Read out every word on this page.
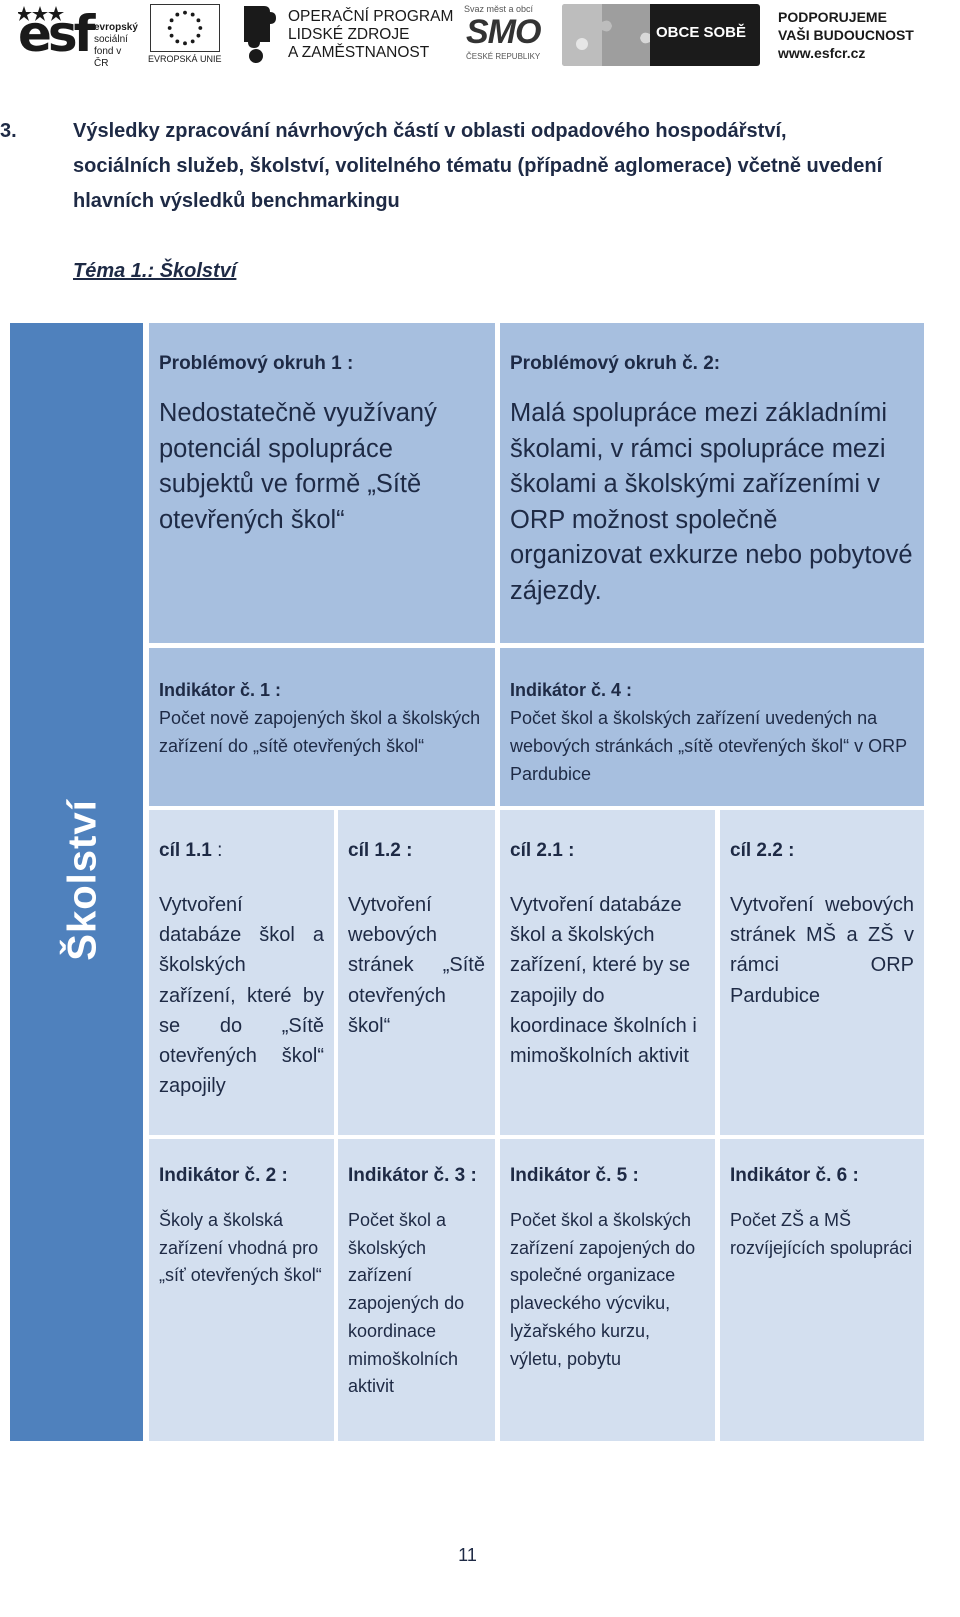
esf evropský
sociální
fond v ČR	EVROPSKÁ UNIE
OPERAČNÍ PROGRAM
LIDSKÉ ZDROJE
A ZAMĚSTNANOST
Svaz měst a obcí
SMO
ČESKÉ REPUBLIKY
OBCE SOBĚ
PODPORUJEME
VAŠI BUDOUCNOST
www.esfcr.cz
3.	Výsledky zpracování návrhových částí v oblasti odpadového hospodářství, sociálních služeb, školství, volitelného tématu (případně aglomerace) včetně uvedení hlavních výsledků benchmarkingu
Téma 1.: Školství
Školství
Problémový okruh 1 :
Nedostatečně využívaný potenciál spolupráce subjektů ve formě „Sítě otevřených škol“
Problémový okruh č. 2:
Malá spolupráce mezi základními školami, v rámci spolupráce mezi školami a školskými zařízeními v ORP možnost společně organizovat exkurze nebo pobytové zájezdy.
Indikátor č. 1 :
Počet nově zapojených škol a školských zařízení do „sítě otevřených škol“
Indikátor č. 4 :
Počet škol a školských zařízení uvedených na webových stránkách „sítě otevřených škol“ v ORP Pardubice
cíl 1.1 :
Vytvoření databáze škol a školských zařízení, které by se do „Sítě otevřených škol“ zapojily
cíl 1.2 :
Vytvoření webových stránek „Sítě otevřených škol“
cíl 2.1 :
Vytvoření databáze škol a školských zařízení, které by se zapojily do koordinace školních i mimoškolních aktivit
cíl 2.2 :
Vytvoření webových stránek MŠ a ZŠ v rámci ORP Pardubice
Indikátor č. 2 :
Školy a školská zařízení vhodná pro „síť otevřených škol“
Indikátor č. 3 :
Počet škol a školských zařízení zapojených do koordinace mimoškolních aktivit
Indikátor č. 5 :
Počet škol a školských zařízení zapojených do společné organizace plaveckého výcviku, lyžařského kurzu, výletu, pobytu
Indikátor č. 6 :
Počet ZŠ a MŠ rozvíjejících spolupráci
11
